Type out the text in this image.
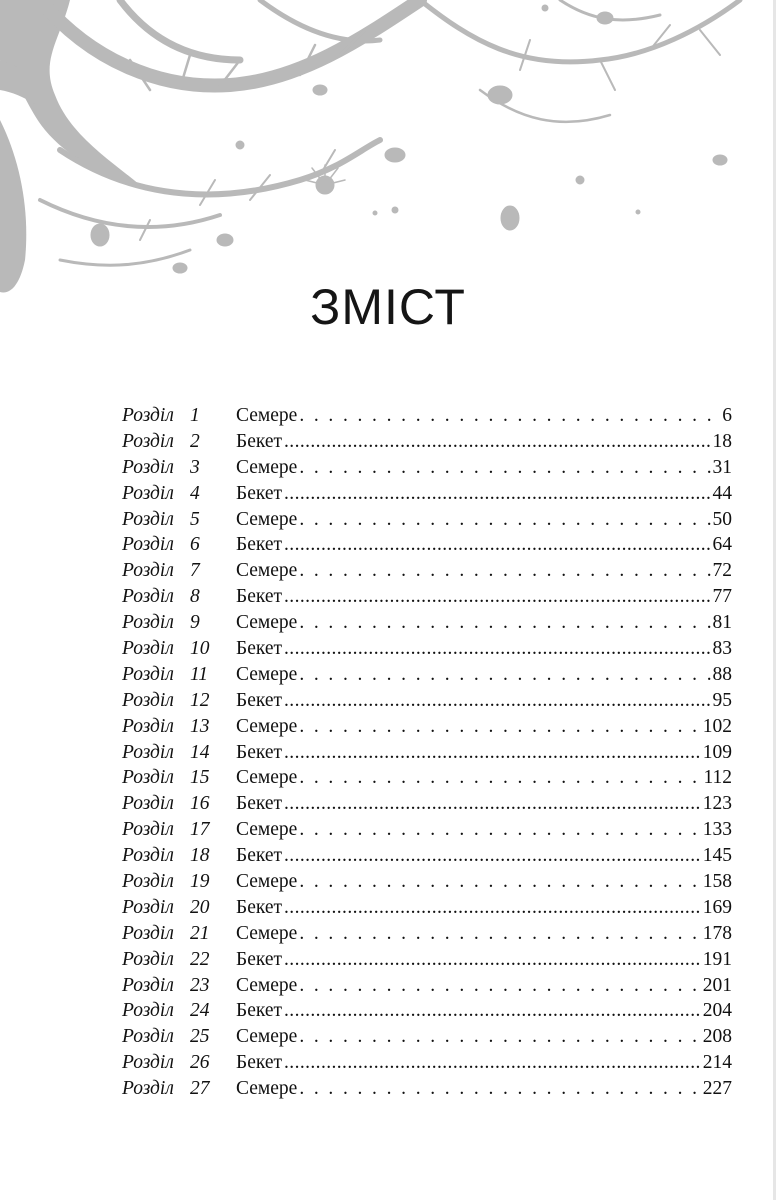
ЗМІСТ
Розділ 1 Семере . . .	6
Розділ 2 Бекет .....	18
Розділ 3 Семере . . .	31
Розділ 4 Бекет .....	44
Розділ 5 Семере . . .	50
Розділ 6 Бекет .....	64
Розділ 7 Семере . . .	72
Розділ 8 Бекет .....	77
Розділ 9 Семере . . .	81
Розділ 10 Бекет .....	83
Розділ 11 Семере . . .	88
Розділ 12 Бекет .....	95
Розділ 13 Семере . . .	102
Розділ 14 Бекет .....	109
Розділ 15 Семере . . .	112
Розділ 16 Бекет .....	123
Розділ 17 Семере . . .	133
Розділ 18 Бекет .....	145
Розділ 19 Семере . . .	158
Розділ 20 Бекет .....	169
Розділ 21 Семере . . .	178
Розділ 22 Бекет .....	191
Розділ 23 Семере . . .	201
Розділ 24 Бекет .....	204
Розділ 25 Семере . . .	208
Розділ 26 Бекет .....	214
Розділ 27 Семере . . .	227
